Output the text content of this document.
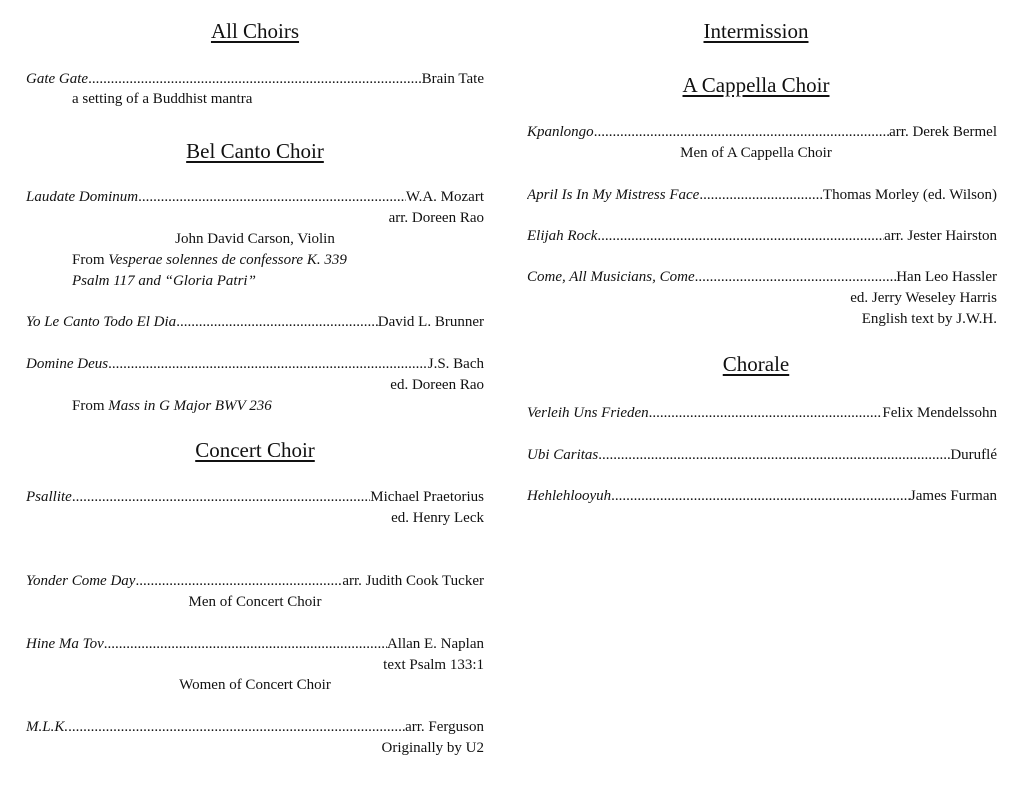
All Choirs
Gate Gate .....	Brain Tate
a setting of a Buddhist mantra
Bel Canto Choir
Laudate Dominum .....	W.A. Mozart
arr. Doreen Rao
John David Carson, Violin
From Vesperae solennes de confessore K. 339
Psalm 117 and “Gloria Patri”
Yo Le Canto Todo El Dia .....	David L. Brunner
Domine Deus .....	J.S. Bach
ed. Doreen Rao
From Mass in G Major BWV 236
Concert Choir
Psallite .....	Michael Praetorius
ed. Henry Leck
Yonder Come Day .....	arr. Judith Cook Tucker
Men of Concert Choir
Hine Ma Tov .....	Allan E. Naplan
text Psalm 133:1
Women of Concert Choir
M.L.K. .....	arr. Ferguson
Originally by U2
Intermission
A Cappella Choir
Kpanlongo .....	arr. Derek Bermel
Men of A Cappella Choir
April Is In My Mistress Face .....	Thomas Morley (ed. Wilson)
Elijah Rock .....	arr. Jester Hairston
Come, All Musicians, Come .....	Han Leo Hassler
ed. Jerry Weseley Harris
English text by J.W.H.
Chorale
Verleih Uns Frieden .....	Felix Mendelssohn
Ubi Caritas .....	Duruflé
Hehlehlooyuh .....	James Furman
